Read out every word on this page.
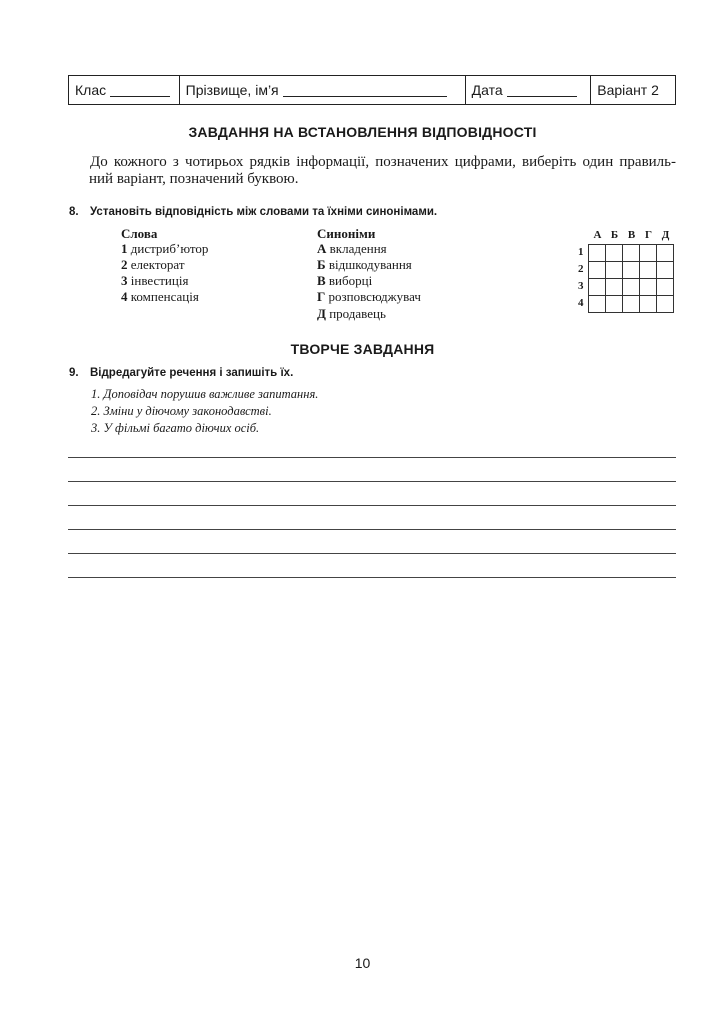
Клас	Прізвище, ім’я	Дата	Варіант 2
ЗАВДАННЯ НА ВСТАНОВЛЕННЯ ВІДПОВІДНОСТІ
До кожного з чотирьох рядків інформації, позначених цифрами, виберіть один правиль-
ний варіант, позначений буквою.
8. Установіть відповідність між словами та їхніми синонімами.
Слова	Синоніми
1 дистриб’ютор
2 електорат
3 інвестиція
4 компенсація
А вкладення
Б відшкодування
В виборці
Г розповсюджувач
Д продавець
А Б В Г Д
1
2
3
4

ТВОРЧЕ ЗАВДАННЯ
9. Відредагуйте речення і запишіть їх.
1. Доповідач порушив важливе запитання.
2. Зміни у діючому законодавстві.
3. У фільмі багато діючих осіб.
10
